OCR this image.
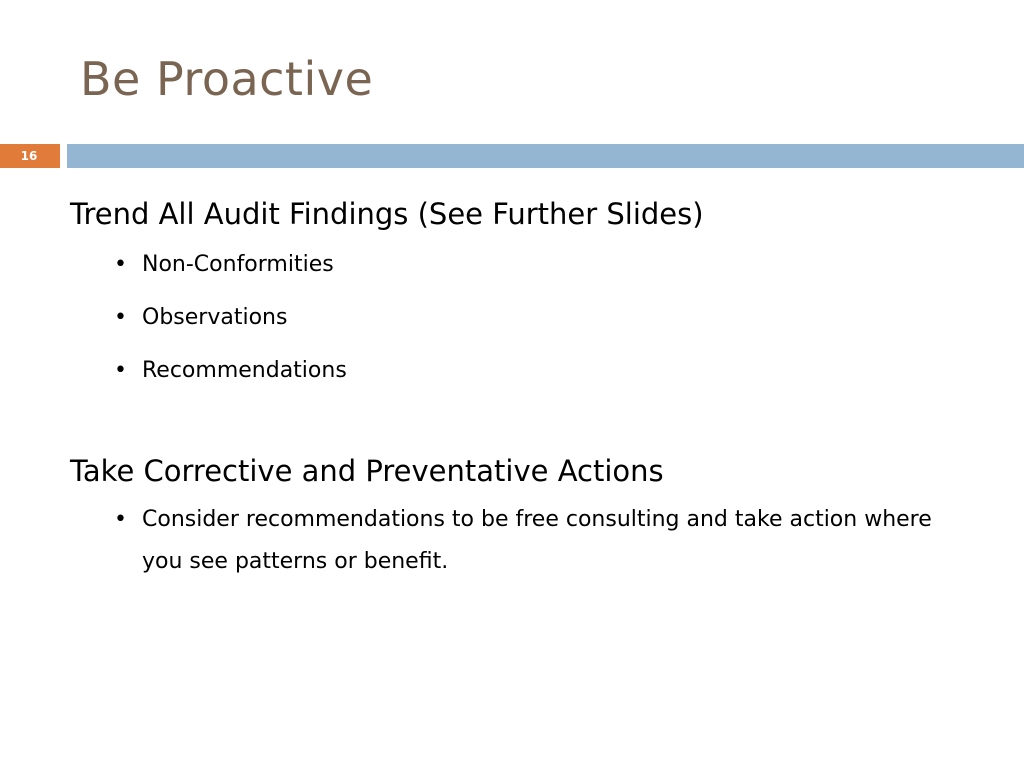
Be Proactive
16
Trend All Audit Findings (See Further Slides)
• Non-Conformities
• Observations
• Recommendations
Take Corrective and Preventative Actions
• Consider recommendations to be free consulting and take action where you see patterns or benefit.
